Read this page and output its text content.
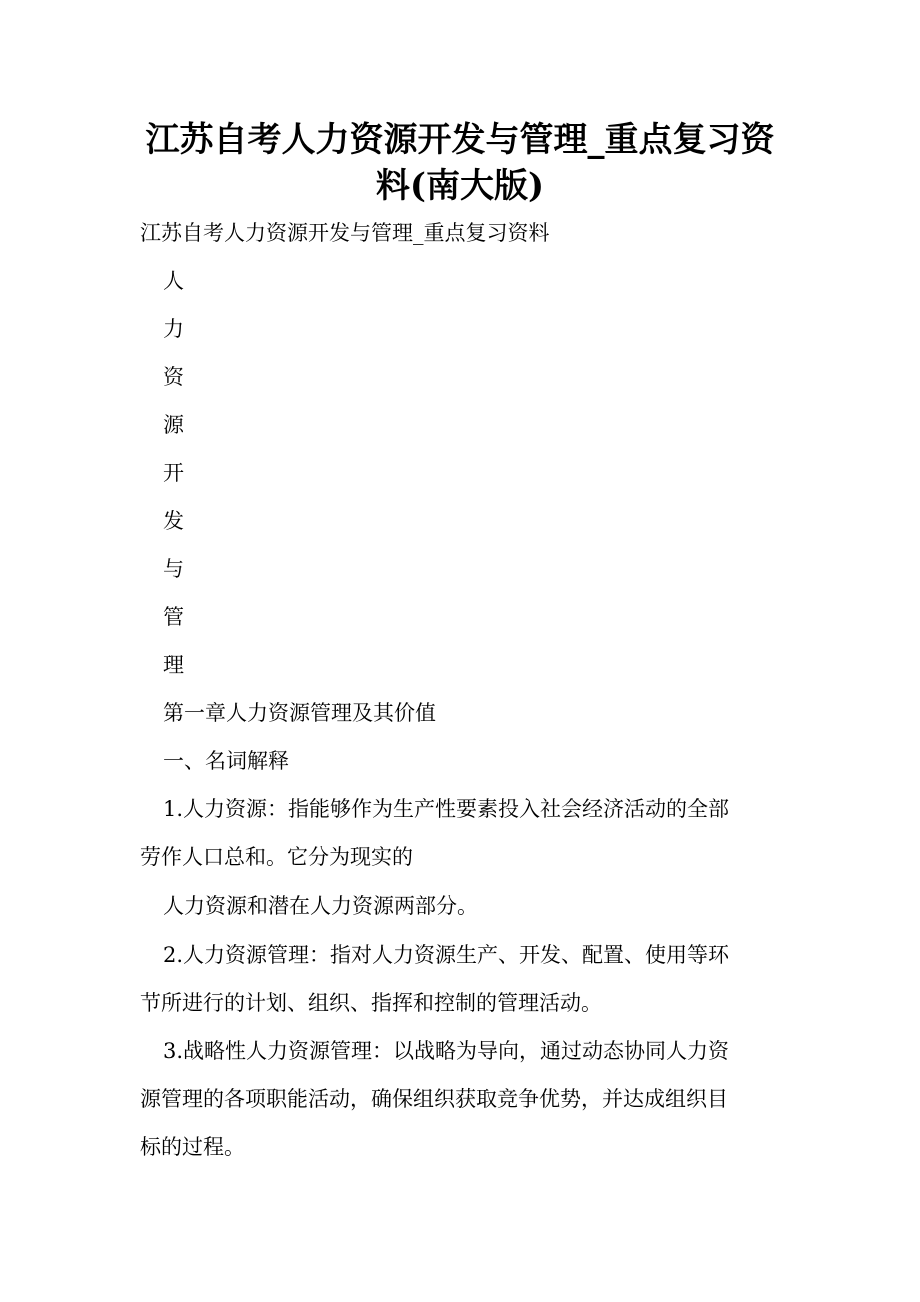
江苏自考人力资源开发与管理_重点复习资
料(南大版)

江苏自考人力资源开发与管理_重点复习资料

人

力

资

源

开

发

与

管

理

第一章人力资源管理及其价值

一、名词解释

1.人力资源：指能够作为生产性要素投入社会经济活动的全部

劳作人口总和。它分为现实的

人力资源和潜在人力资源两部分。

2.人力资源管理：指对人力资源生产、开发、配置、使用等环

节所进行的计划、组织、指挥和控制的管理活动。

3.战略性人力资源管理：以战略为导向，通过动态协同人力资

源管理的各项职能活动，确保组织获取竞争优势，并达成组织目

标的过程。
